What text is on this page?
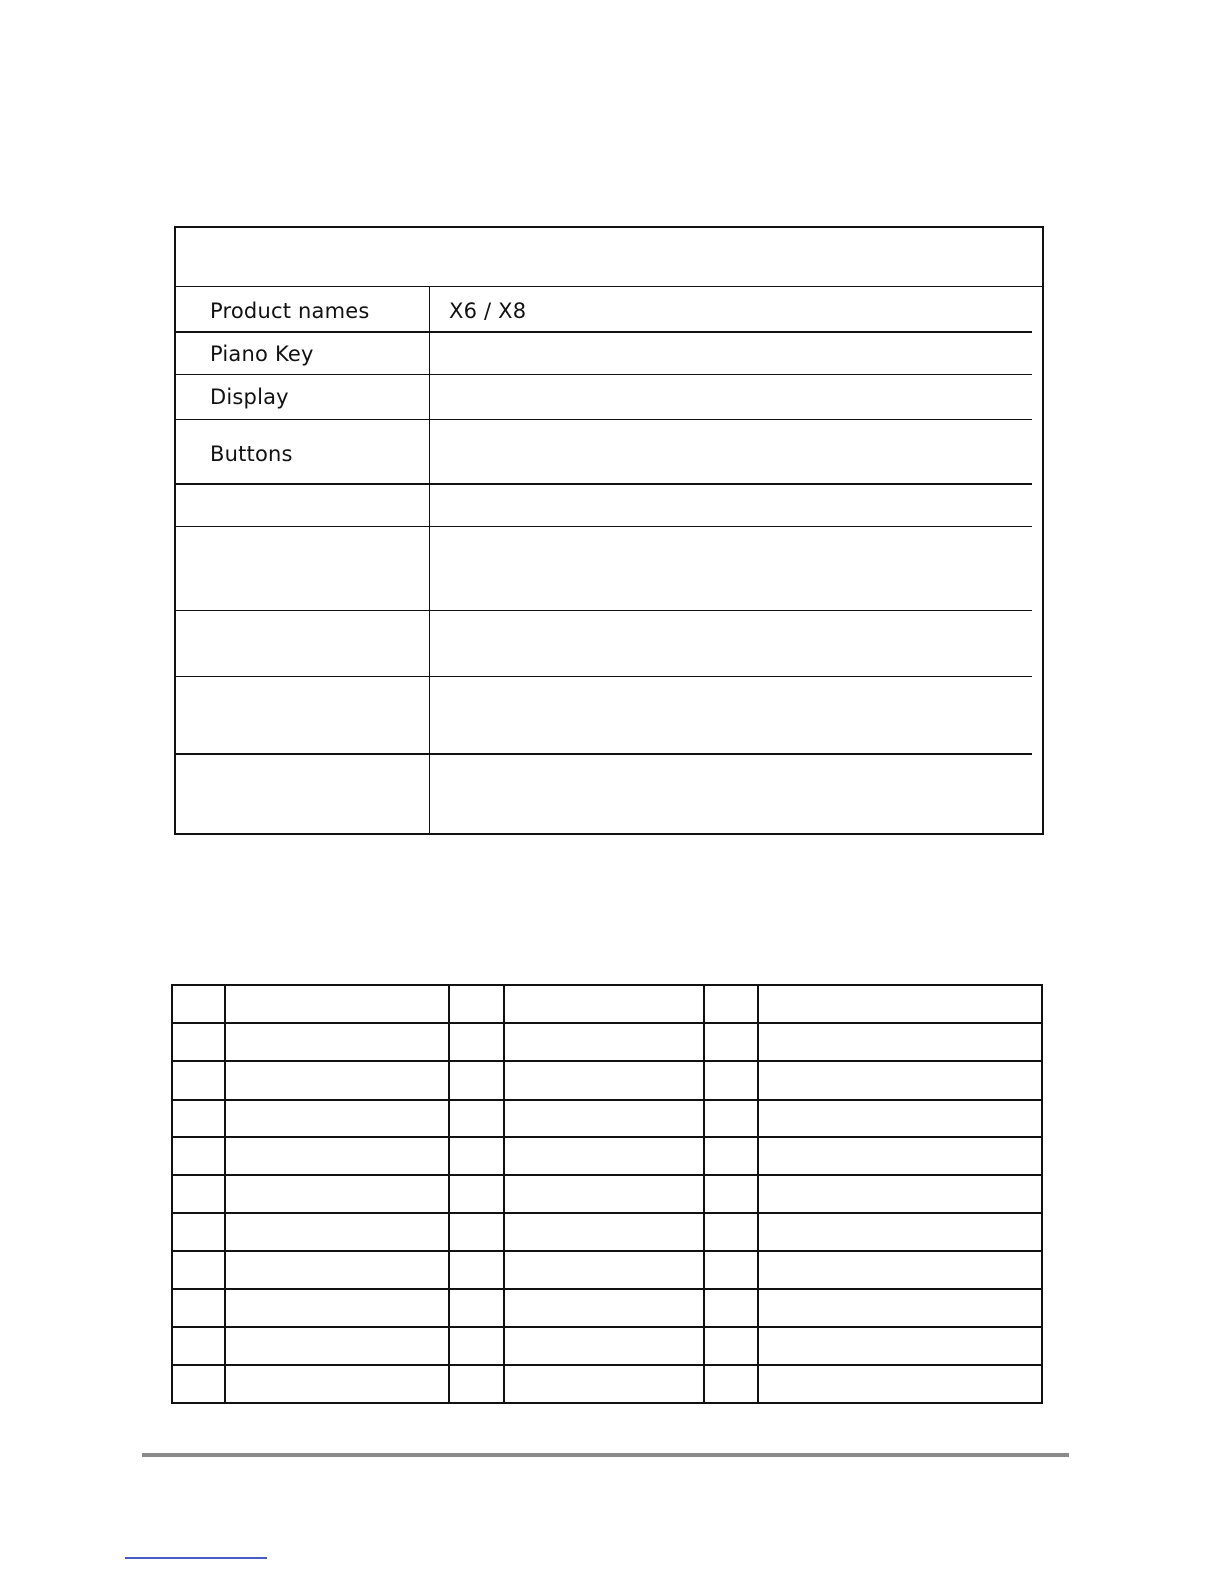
Product names	X6 / X8
Piano Key
Display
Buttons
